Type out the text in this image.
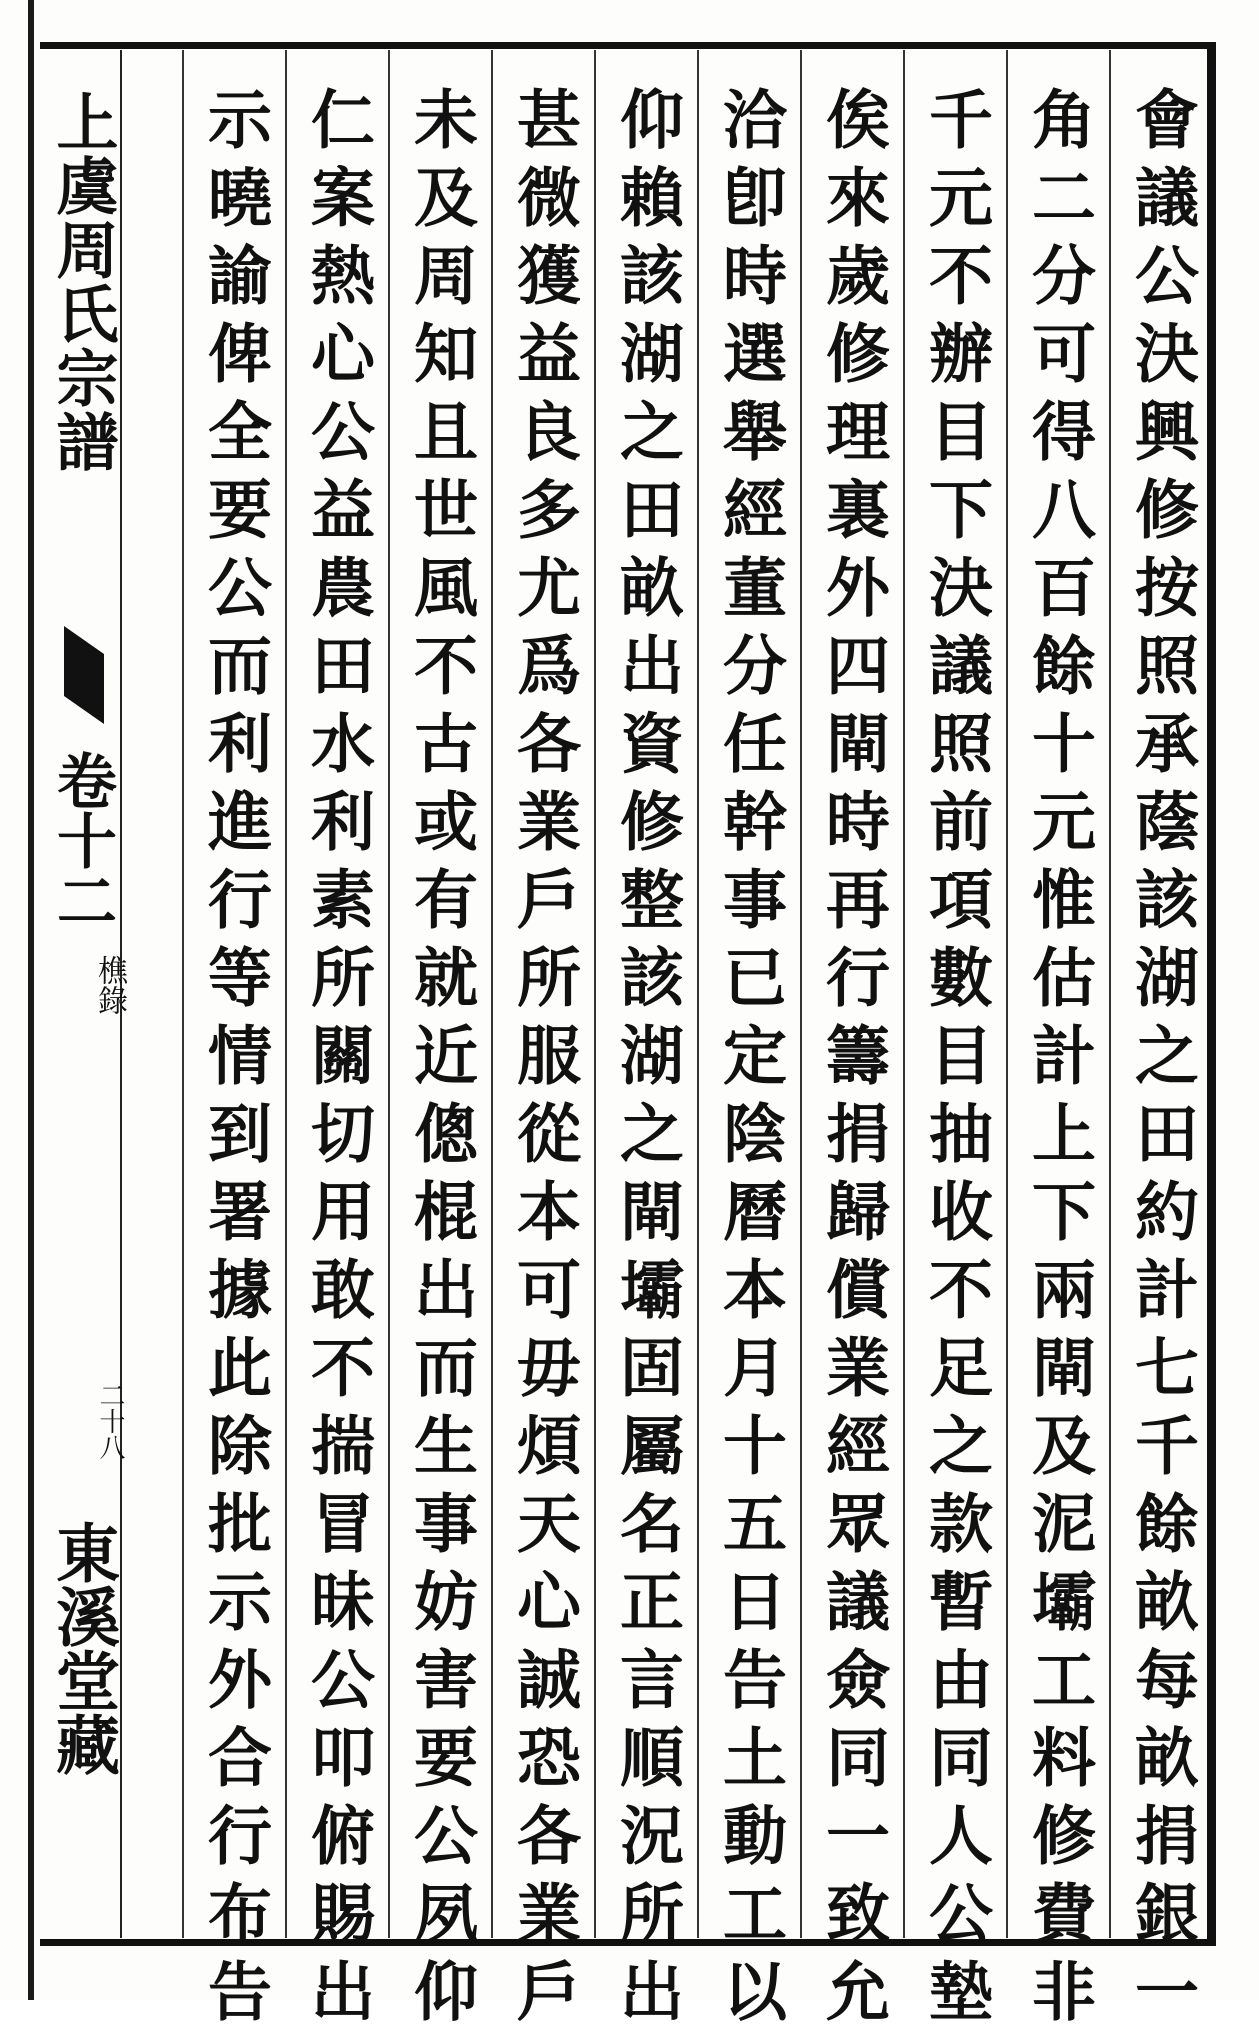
上虞周氏宗譜
卷十二
樵錄
二十八
東溪堂藏	會議公決興修按照承蔭該湖之田約計七千餘畝每畝捐銀一
角二分可得八百餘十元惟估計上下兩閘及泥壩工料修費非
千元不辦目下決議照前項數目抽收不足之款暫由同人公墊
俟來歲修理裏外四閘時再行籌捐歸償業經眾議僉同一致允
洽卽時選舉經董分任幹事已定陰曆本月十五日告土動工以
仰賴該湖之田畝出資修整該湖之閘壩固屬名正言順況所出
甚微獲益良多尤爲各業戶所服從本可毋煩天心誠恐各業戶
未及周知且世風不古或有就近傯棍出而生事妨害要公夙仰
仁案熱心公益農田水利素所關切用敢不揣冒昧公叩俯賜出
示曉諭俾全要公而利進行等情到署據此除批示外合行布告
